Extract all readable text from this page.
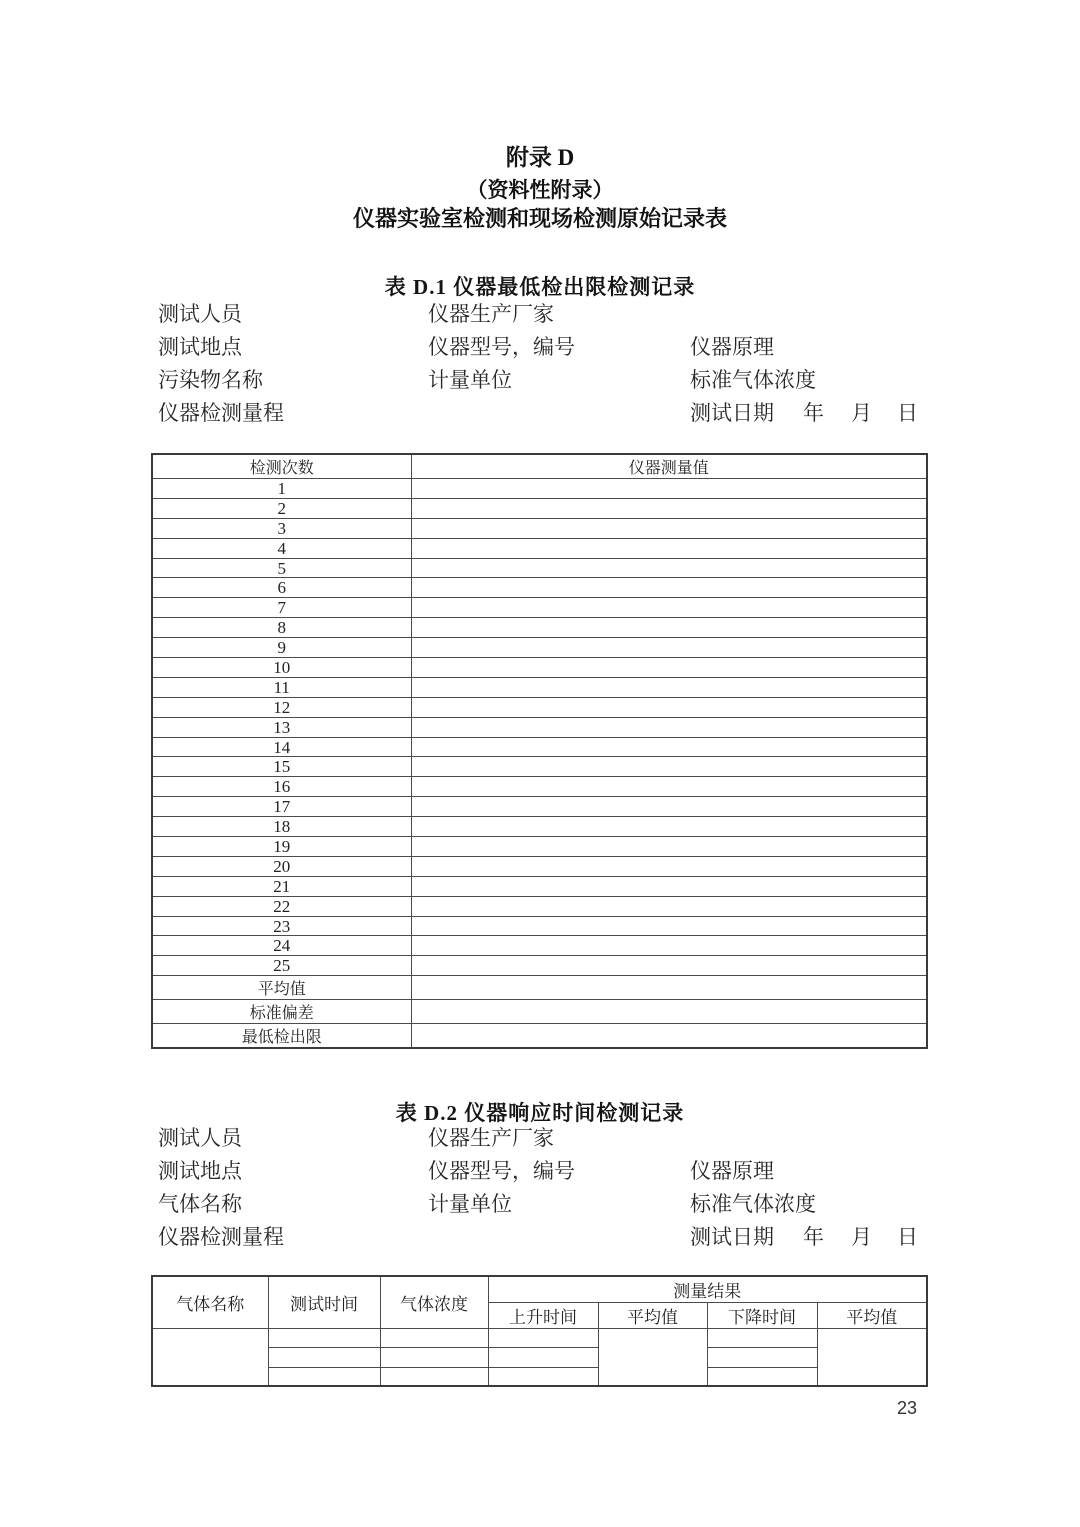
附录 D
（资料性附录）
仪器实验室检测和现场检测原始记录表
表 D.1 仪器最低检出限检测记录
测试人员	仪器生产厂家
测试地点	仪器型号，编号	仪器原理
污染物名称	计量单位	标准气体浓度
仪器检测量程	测试日期 年 月 日
检测次数	仪器测量值
1	
2	
3	
4	
5	
6	
7	
8	
9	
10	
11	
12	
13	
14	
15	
16	
17	
18	
19	
20	
21	
22	
23	
24	
25	
平均值	
标准偏差	
最低检出限	
表 D.2 仪器响应时间检测记录
测试人员	仪器生产厂家
测试地点	仪器型号，编号	仪器原理
气体名称	计量单位	标准气体浓度
仪器检测量程	测试日期 年 月 日
气体名称	测试时间	气体浓度	测量结果			
			上升时间	平均值	下降时间	平均值

23
